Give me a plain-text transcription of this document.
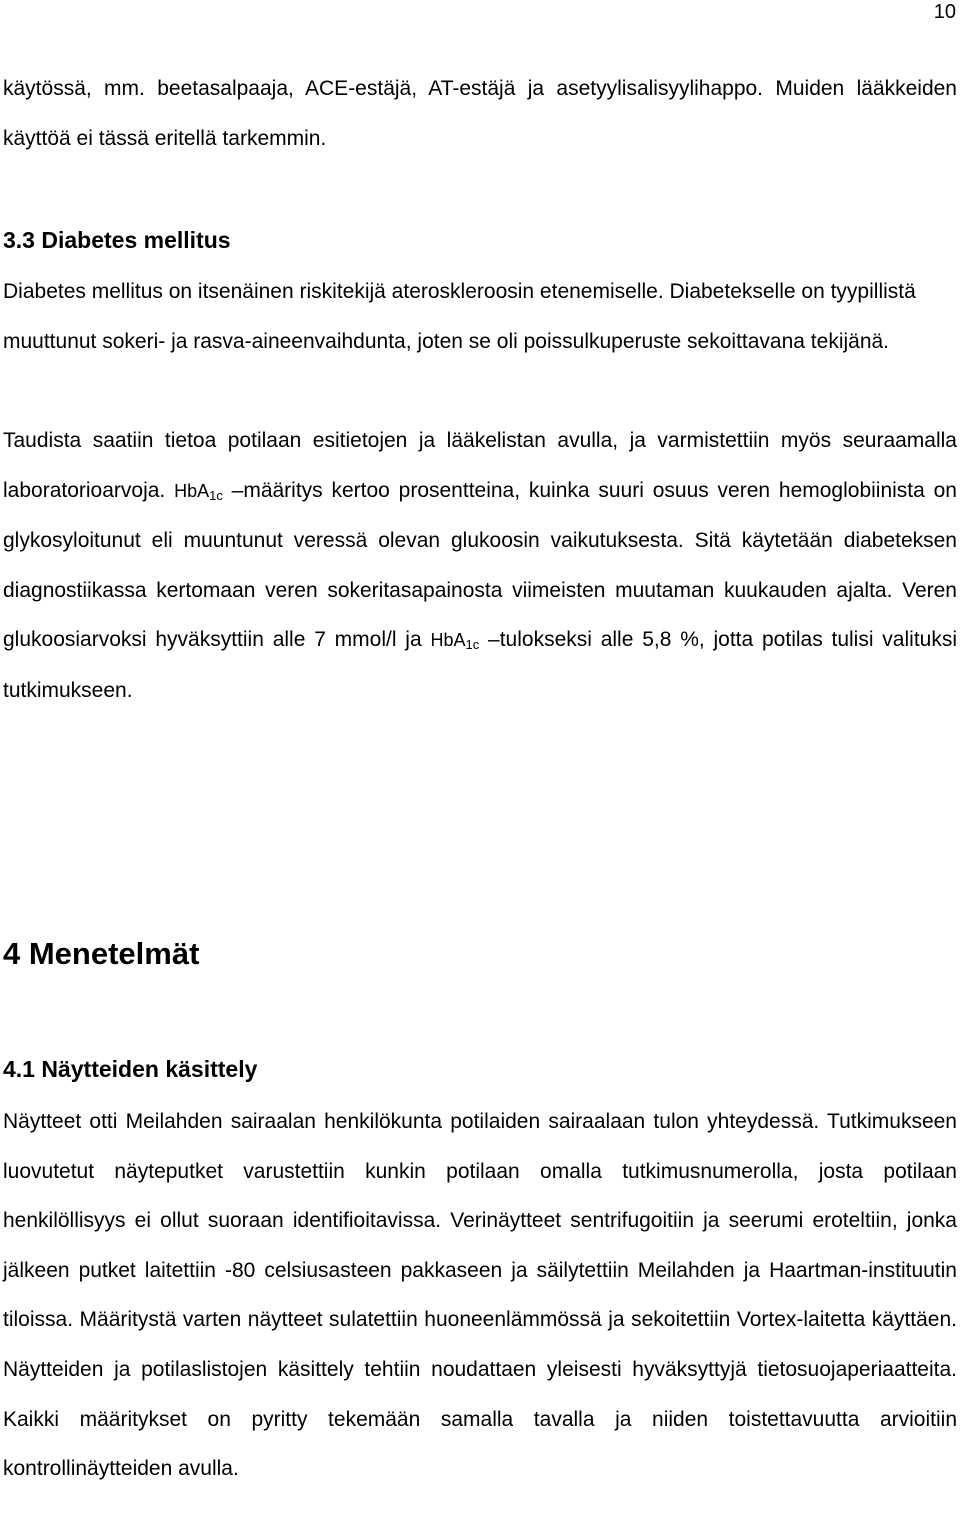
10

käytössä, mm. beetasalpaaja, ACE-estäjä, AT-estäjä ja asetyylisalisyylihappo. Muiden lääkkeiden käyttöä ei tässä eritellä tarkemmin.

3.3 Diabetes mellitus

Diabetes mellitus on itsenäinen riskitekijä ateroskleroosin etenemiselle. Diabetekselle on tyypillistä muuttunut sokeri- ja rasva-aineenvaihdunta, joten se oli poissulkuperuste sekoittavana tekijänä.

Taudista saatiin tietoa potilaan esitietojen ja lääkelistan avulla, ja varmistettiin myös seuraamalla laboratorioarvoja. HbA$_{1c}$ –määritys kertoo prosentteina, kuinka suuri osuus veren hemoglobiinista on glykosyloitunut eli muuntunut veressä olevan glukoosin vaikutuksesta. Sitä käytetään diabeteksen diagnostiikassa kertomaan veren sokeritasapainosta viimeisten muutaman kuukauden ajalta. Veren glukoosiarvoksi hyväksyttiin alle 7 mmol/l ja HbA$_{1c}$ –tulokseksi alle 5,8 %, jotta potilas tulisi valituksi tutkimukseen.

4 Menetelmät
4.1 Näytteiden käsittely

Näytteet otti Meilahden sairaalan henkilökunta potilaiden sairaalaan tulon yhteydessä. Tutkimukseen luovutetut näyteputket varustettiin kunkin potilaan omalla tutkimusnumerolla, josta potilaan henkilöllisyys ei ollut suoraan identifioitavissa. Verinäytteet sentrifugoitiin ja seerumi eroteltiin, jonka jälkeen putket laitettiin -80 celsiusasteen pakkaseen ja säilytettiin Meilahden ja Haartman-instituutin tiloissa. Määritystä varten näytteet sulatettiin huoneenlämmössä ja sekoitettiin Vortex-laitetta käyttäen. Näytteiden ja potilaslistojen käsittely tehtiin noudattaen yleisesti hyväksyttyjä tietosuojaperiaatteita. Kaikki määritykset on pyritty tekemään samalla tavalla ja niiden toistettavuutta arvioitiin kontrollinäytteiden avulla.
